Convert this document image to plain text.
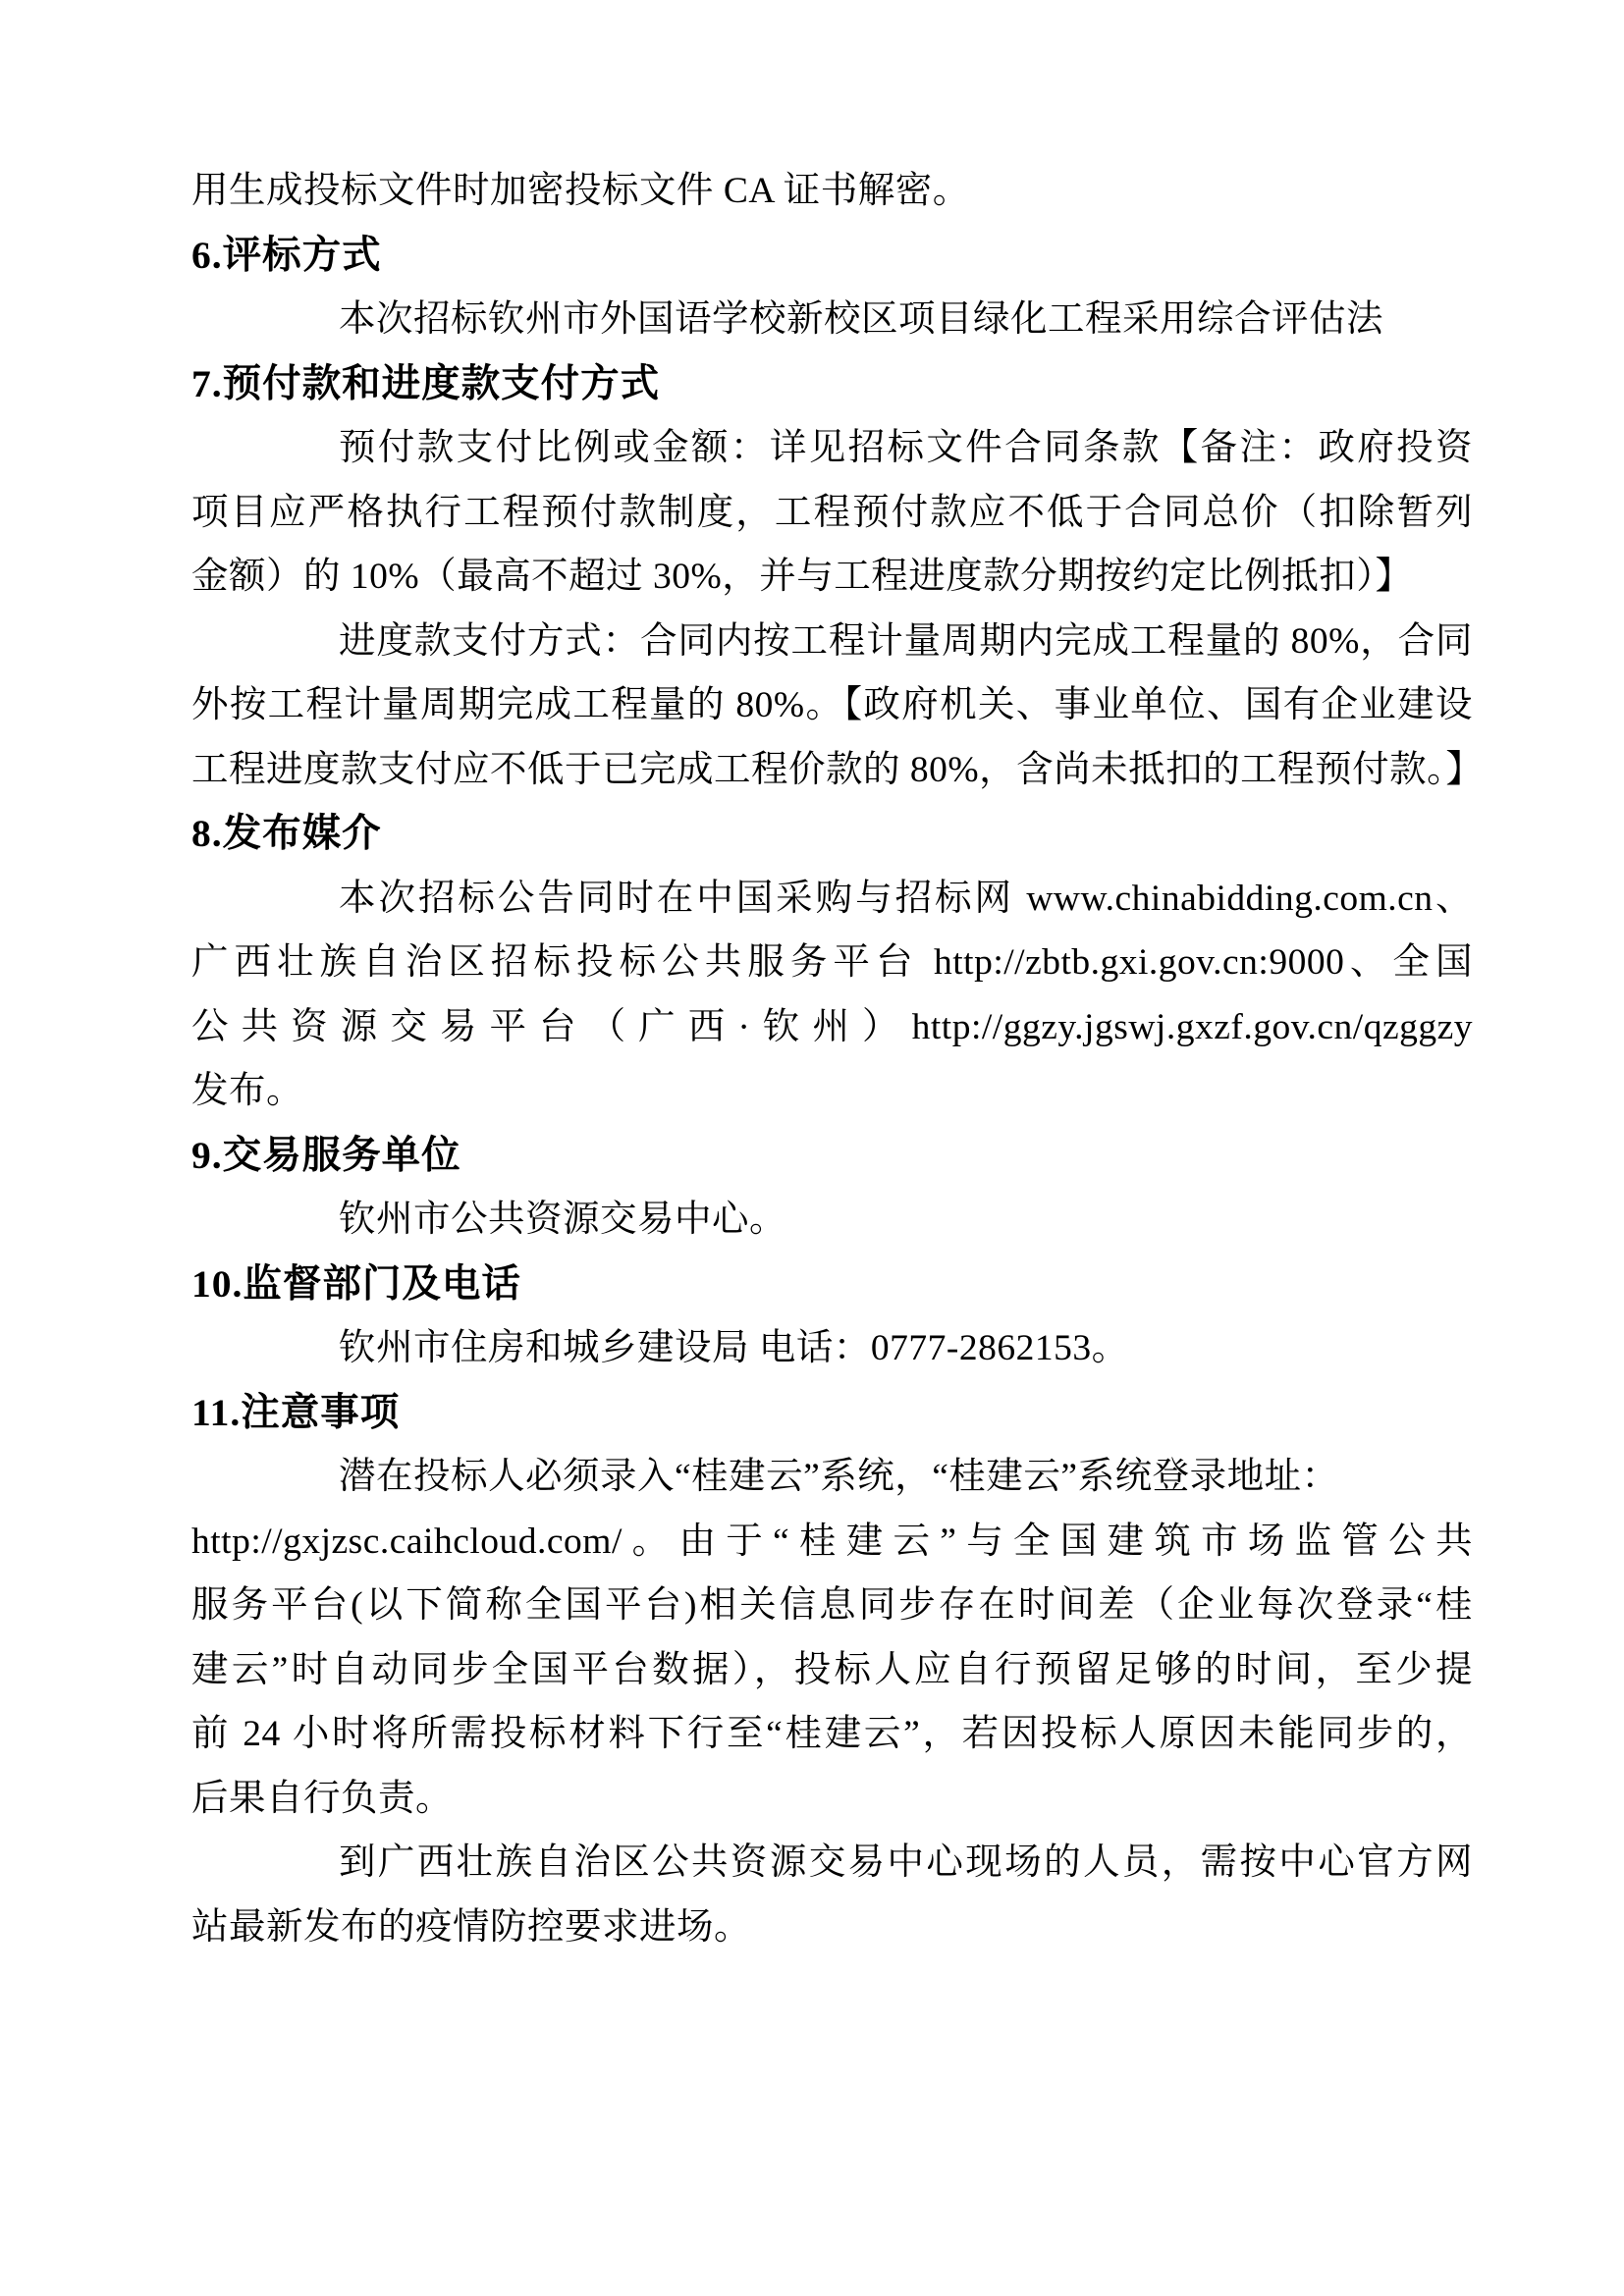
用生成投标文件时加密投标文件 CA 证书解密。
6.评标方式
本次招标钦州市外国语学校新校区项目绿化工程采用综合评估法
7.预付款和进度款支付方式
预付款支付比例或金额：详见招标文件合同条款【备注：政府投资
项目应严格执行工程预付款制度，工程预付款应不低于合同总价（扣除暂列
金额）的 10%（最高不超过 30%，并与工程进度款分期按约定比例抵扣）】
进度款支付方式：合同内按工程计量周期内完成工程量的 80%，合同
外按工程计量周期完成工程量的 80%。【政府机关、事业单位、国有企业建设
工程进度款支付应不低于已完成工程价款的 80%，含尚未抵扣的工程预付款。】
8.发布媒介
本次招标公告同时在中国采购与招标网 www.chinabidding.com.cn、
广西壮族自治区招标投标公共服务平台 http://zbtb.gxi.gov.cn:9000、全国
公共资源交易平台（广西·钦州）http://ggzy.jgswj.gxzf.gov.cn/qzggzy
发布。
9.交易服务单位
钦州市公共资源交易中心。
10.监督部门及电话
钦州市住房和城乡建设局 电话：0777-2862153。
11.注意事项
潜在投标人必须录入“桂建云”系统，“桂建云”系统登录地址：
http://gxjzsc.caihcloud.com/。由于“桂建云”与全国建筑市场监管公共
服务平台(以下简称全国平台)相关信息同步存在时间差（企业每次登录“桂
建云”时自动同步全国平台数据），投标人应自行预留足够的时间，至少提
前 24 小时将所需投标材料下行至“桂建云”，若因投标人原因未能同步的，
后果自行负责。
到广西壮族自治区公共资源交易中心现场的人员，需按中心官方网
站最新发布的疫情防控要求进场。
